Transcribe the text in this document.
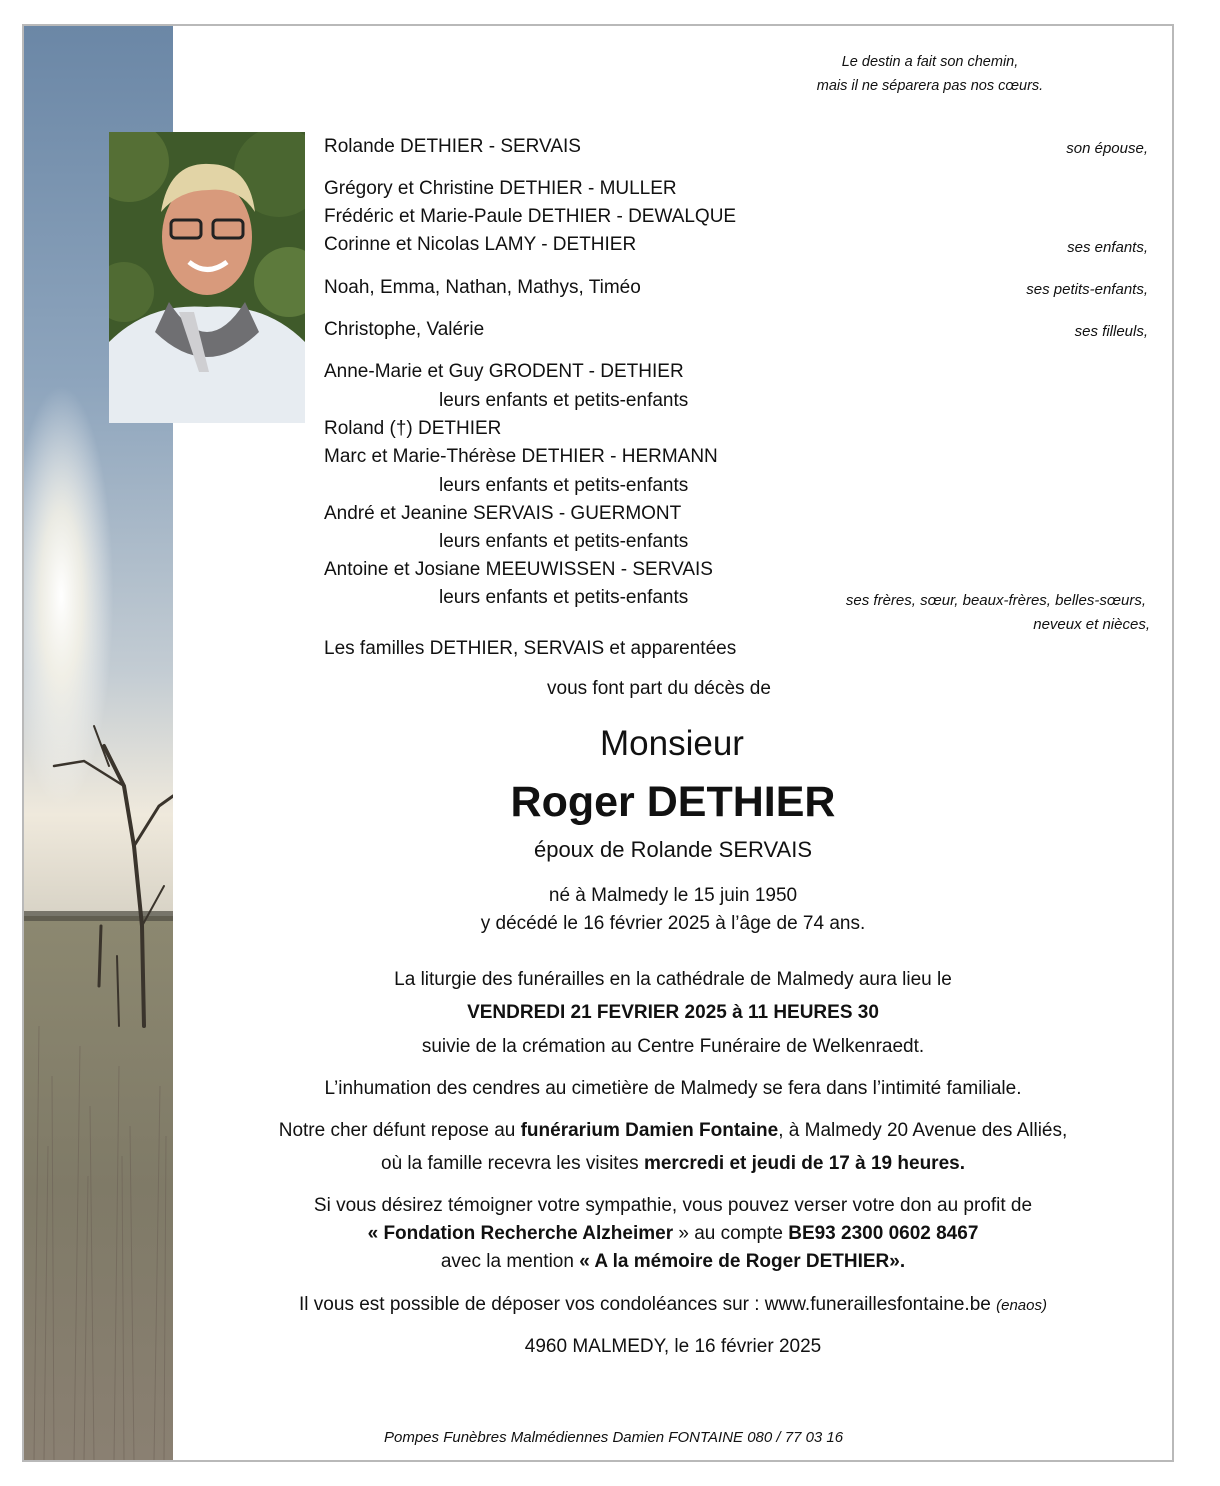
Le destin a fait son chemin,
mais il ne séparera pas nos cœurs.
Rolande DETHIER - SERVAIS	son épouse,
Grégory et Christine DETHIER - MULLER
Frédéric et Marie-Paule DETHIER - DEWALQUE
Corinne et Nicolas LAMY - DETHIER	ses enfants,
Noah, Emma, Nathan, Mathys, Timéo	ses petits-enfants,
Christophe, Valérie	ses filleuls,
Anne-Marie et Guy GRODENT - DETHIER
leurs enfants et petits-enfants
Roland (†) DETHIER
Marc et Marie-Thérèse DETHIER - HERMANN
leurs enfants et petits-enfants
André et Jeanine SERVAIS - GUERMONT
leurs enfants et petits-enfants
Antoine et Josiane MEEUWISSEN - SERVAIS
leurs enfants et petits-enfants	ses frères, sœur, beaux-frères, belles-sœurs,
neveux et nièces,
Les familles DETHIER, SERVAIS et apparentées
vous font part du décès de
Monsieur
Roger DETHIER
époux de Rolande SERVAIS
né à Malmedy le 15 juin 1950
y décédé le 16 février 2025 à l’âge de 74 ans.
La liturgie des funérailles en la cathédrale de Malmedy aura lieu le
VENDREDI 21 FEVRIER 2025 à 11 HEURES 30
suivie de la crémation au Centre Funéraire de Welkenraedt.
L’inhumation des cendres au cimetière de Malmedy se fera dans l’intimité familiale.
Notre cher défunt repose au funérarium Damien Fontaine, à Malmedy 20 Avenue des Alliés,
où la famille recevra les visites mercredi et jeudi de 17 à 19 heures.
Si vous désirez témoigner votre sympathie, vous pouvez verser votre don au profit de
« Fondation Recherche Alzheimer » au compte BE93 2300 0602 8467
avec la mention « A la mémoire de Roger DETHIER».
Il vous est possible de déposer vos condoléances sur : www.funeraillesfontaine.be (enaos)
4960 MALMEDY, le 16 février 2025
Pompes Funèbres Malmédiennes Damien FONTAINE 080 / 77 03 16
